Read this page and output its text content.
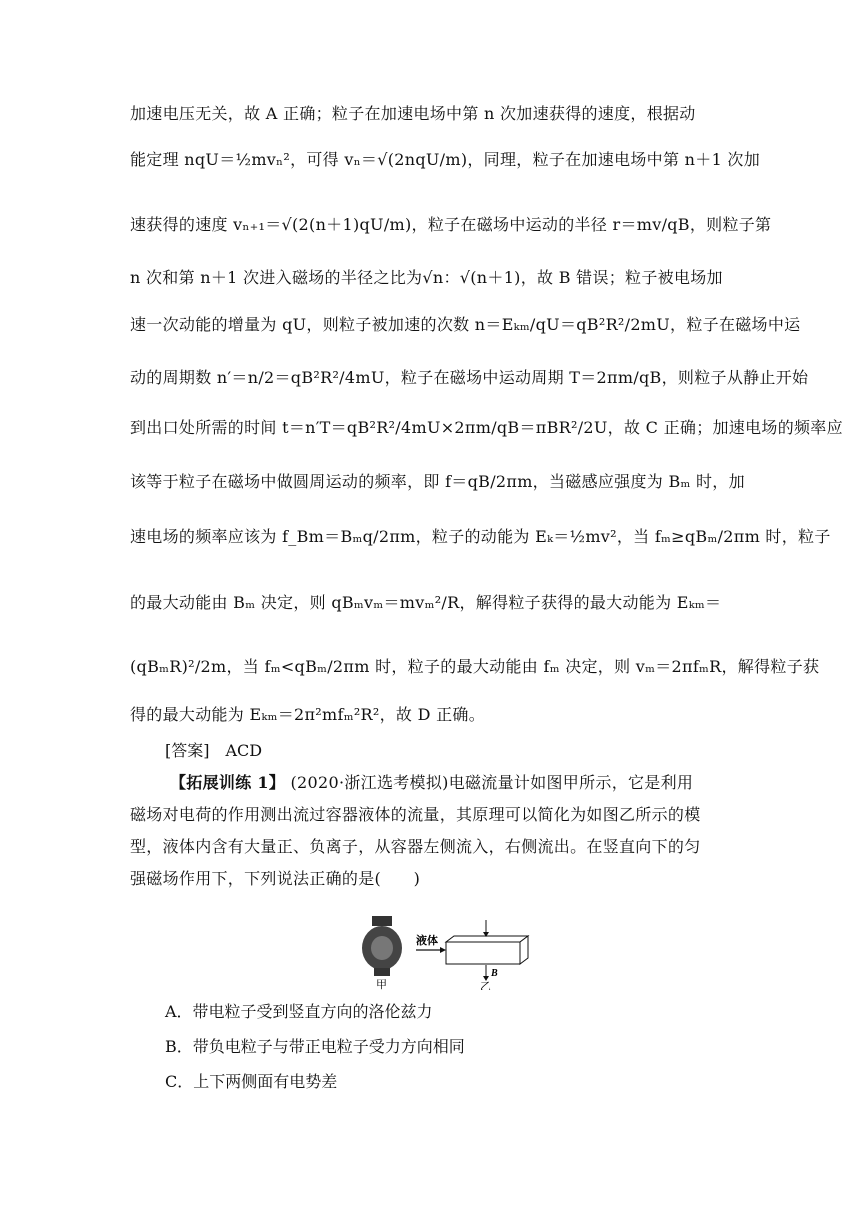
加速电压无关，故 A 正确；粒子在加速电场中第 n 次加速获得的速度，根据动
能定理 nqU＝½mvₙ²，可得 vₙ＝√(2nqU/m)，同理，粒子在加速电场中第 n＋1 次加
速获得的速度 vₙ₊₁＝√(2(n＋1)qU/m)，粒子在磁场中运动的半径 r＝mv/qB，则粒子第
n 次和第 n＋1 次进入磁场的半径之比为√n：√(n＋1)，故 B 错误；粒子被电场加
速一次动能的增量为 qU，则粒子被加速的次数 n＝Eₖₘ/qU＝qB²R²/2mU，粒子在磁场中运
动的周期数 n′＝n/2＝qB²R²/4mU，粒子在磁场中运动周期 T＝2πm/qB，则粒子从静止开始
到出口处所需的时间 t＝n′T＝qB²R²/4mU×2πm/qB＝πBR²/2U，故 C 正确；加速电场的频率应
该等于粒子在磁场中做圆周运动的频率，即 f＝qB/2πm，当磁感应强度为 Bₘ 时，加
速电场的频率应该为 f_Bm＝Bₘq/2πm，粒子的动能为 Eₖ＝½mv²，当 fₘ≥qBₘ/2πm 时，粒子
的最大动能由 Bₘ 决定，则 qBₘvₘ＝mvₘ²/R，解得粒子获得的最大动能为 Eₖₘ＝
(qBₘR)²/2m，当 fₘ<qBₘ/2πm 时，粒子的最大动能由 fₘ 决定，则 vₘ＝2πfₘR，解得粒子获
得的最大动能为 Eₖₘ＝2π²mfₘ²R²，故 D 正确。
[答案]　ACD
【拓展训练 1】 (2020·浙江选考模拟)电磁流量计如图甲所示，它是利用
磁场对电荷的作用测出流过容器液体的流量，其原理可以简化为如图乙所示的模
型，液体内含有大量正、负离子，从容器左侧流入，右侧流出。在竖直向下的匀
强磁场作用下，下列说法正确的是(　　)
液体
B
甲	乙
A．带电粒子受到竖直方向的洛伦兹力
B．带负电粒子与带正电粒子受力方向相同
C．上下两侧面有电势差
